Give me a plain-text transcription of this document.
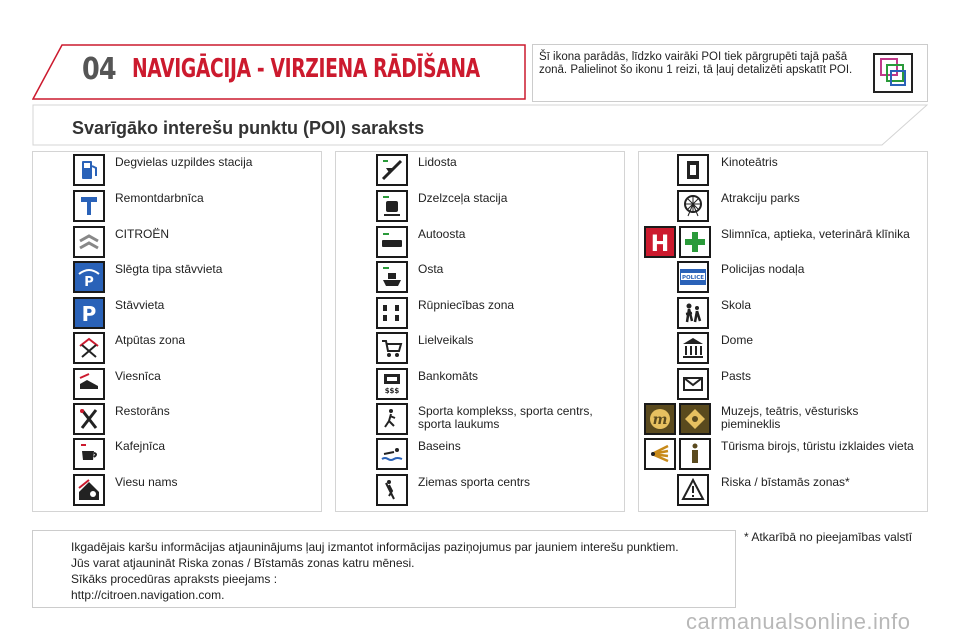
04 NAVIGĀCIJA - VIRZIENA RĀDĪŠANA	Šī ikona parādās, līdzko vairāki POI tiek pārgrupēti tajā pašā zonā. Palielinot šo ikonu 1 reizi, tā ļauj detalizēti apskatīt POI.
Svarīgāko interešu punktu (POI) saraksts
Degvielas uzpildes stacija
Remontdarbnīca
CITROËN
P
Slēgta tipa stāvvieta
P Stāvvieta
Atpūtas zona
Viesnīca
Restorāns
Kafejnīca
Viesu nams
Lidosta
Dzelzceļa stacija
Autoosta
Osta
Rūpniecības zona
Lielveikals
$$$
Bankomāts
Sporta komplekss, sporta centrs, sporta laukums
Baseins
Ziemas sporta centrs
Kinoteātris
Atrakciju parks
H	Slimnīca, aptieka, veterinārā klīnika
POLICE
Policijas nodaļa
Skola
Dome
Pasts
m
Muzejs, teātris, vēsturisks piemineklis
Tūrisma birojs, tūristu izklaides vieta
Riska / bīstamās zonas*
Ikgadējais karšu informācijas atjauninājums ļauj izmantot informācijas paziņojumus par jauniem interešu punktiem.
Jūs varat atjaunināt Riska zonas / Bīstamās zonas katru mēnesi.
Sīkāks procedūras apraksts pieejams :
http://citroen.navigation.com.
* Atkarībā no pieejamības valstī
carmanualsonline.info
